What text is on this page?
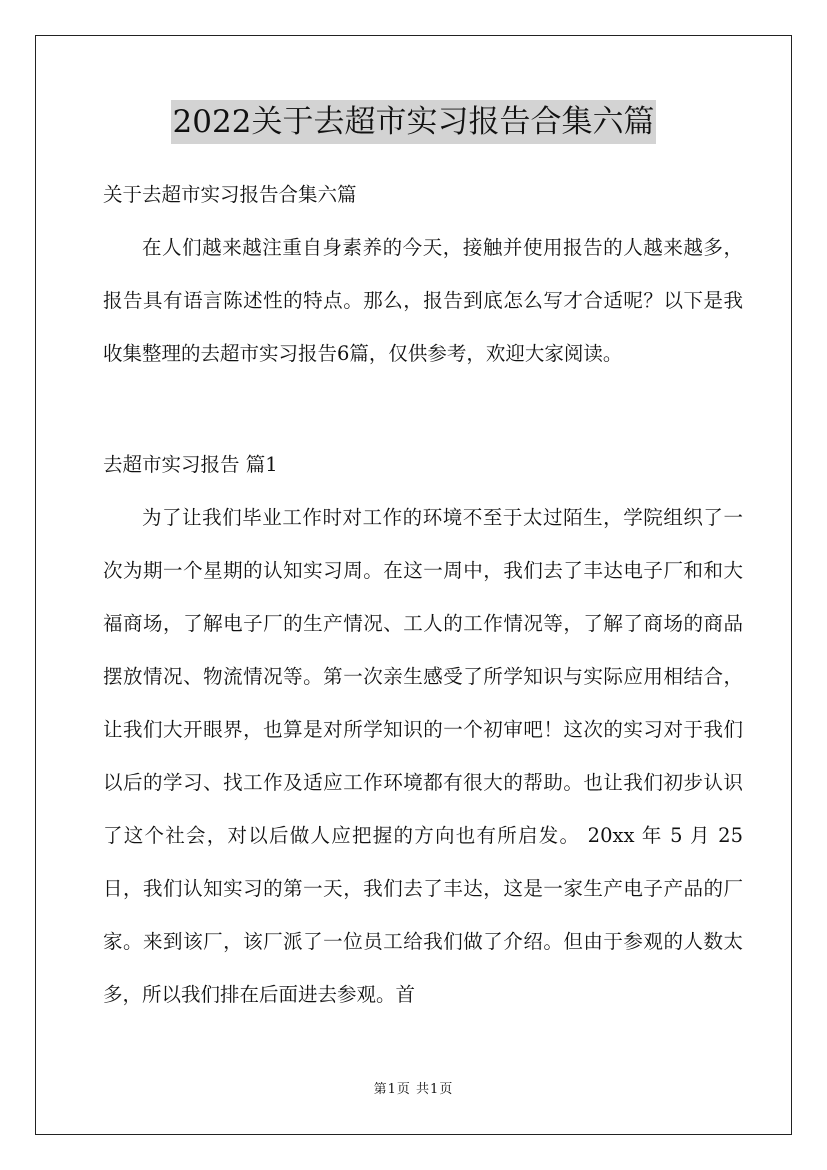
2022关于去超市实习报告合集六篇
关于去超市实习报告合集六篇

在人们越来越注重自身素养的今天，接触并使用报告的人越来越多，报告具有语言陈述性的特点。那么，报告到底怎么写才合适呢？以下是我收集整理的去超市实习报告6篇，仅供参考，欢迎大家阅读。

去超市实习报告 篇1

为了让我们毕业工作时对工作的环境不至于太过陌生，学院组织了一次为期一个星期的认知实习周。在这一周中，我们去了丰达电子厂和和大福商场，了解电子厂的生产情况、工人的工作情况等，了解了商场的商品摆放情况、物流情况等。第一次亲生感受了所学知识与实际应用相结合，让我们大开眼界，也算是对所学知识的一个初审吧！这次的实习对于我们以后的学习、找工作及适应工作环境都有很大的帮助。也让我们初步认识了这个社会，对以后做人应把握的方向也有所启发。 20xx 年 5 月 25 日，我们认知实习的第一天，我们去了丰达，这是一家生产电子产品的厂家。来到该厂，该厂派了一位员工给我们做了介绍。但由于参观的人数太多，所以我们排在后面进去参观。首

第1页 共1页
